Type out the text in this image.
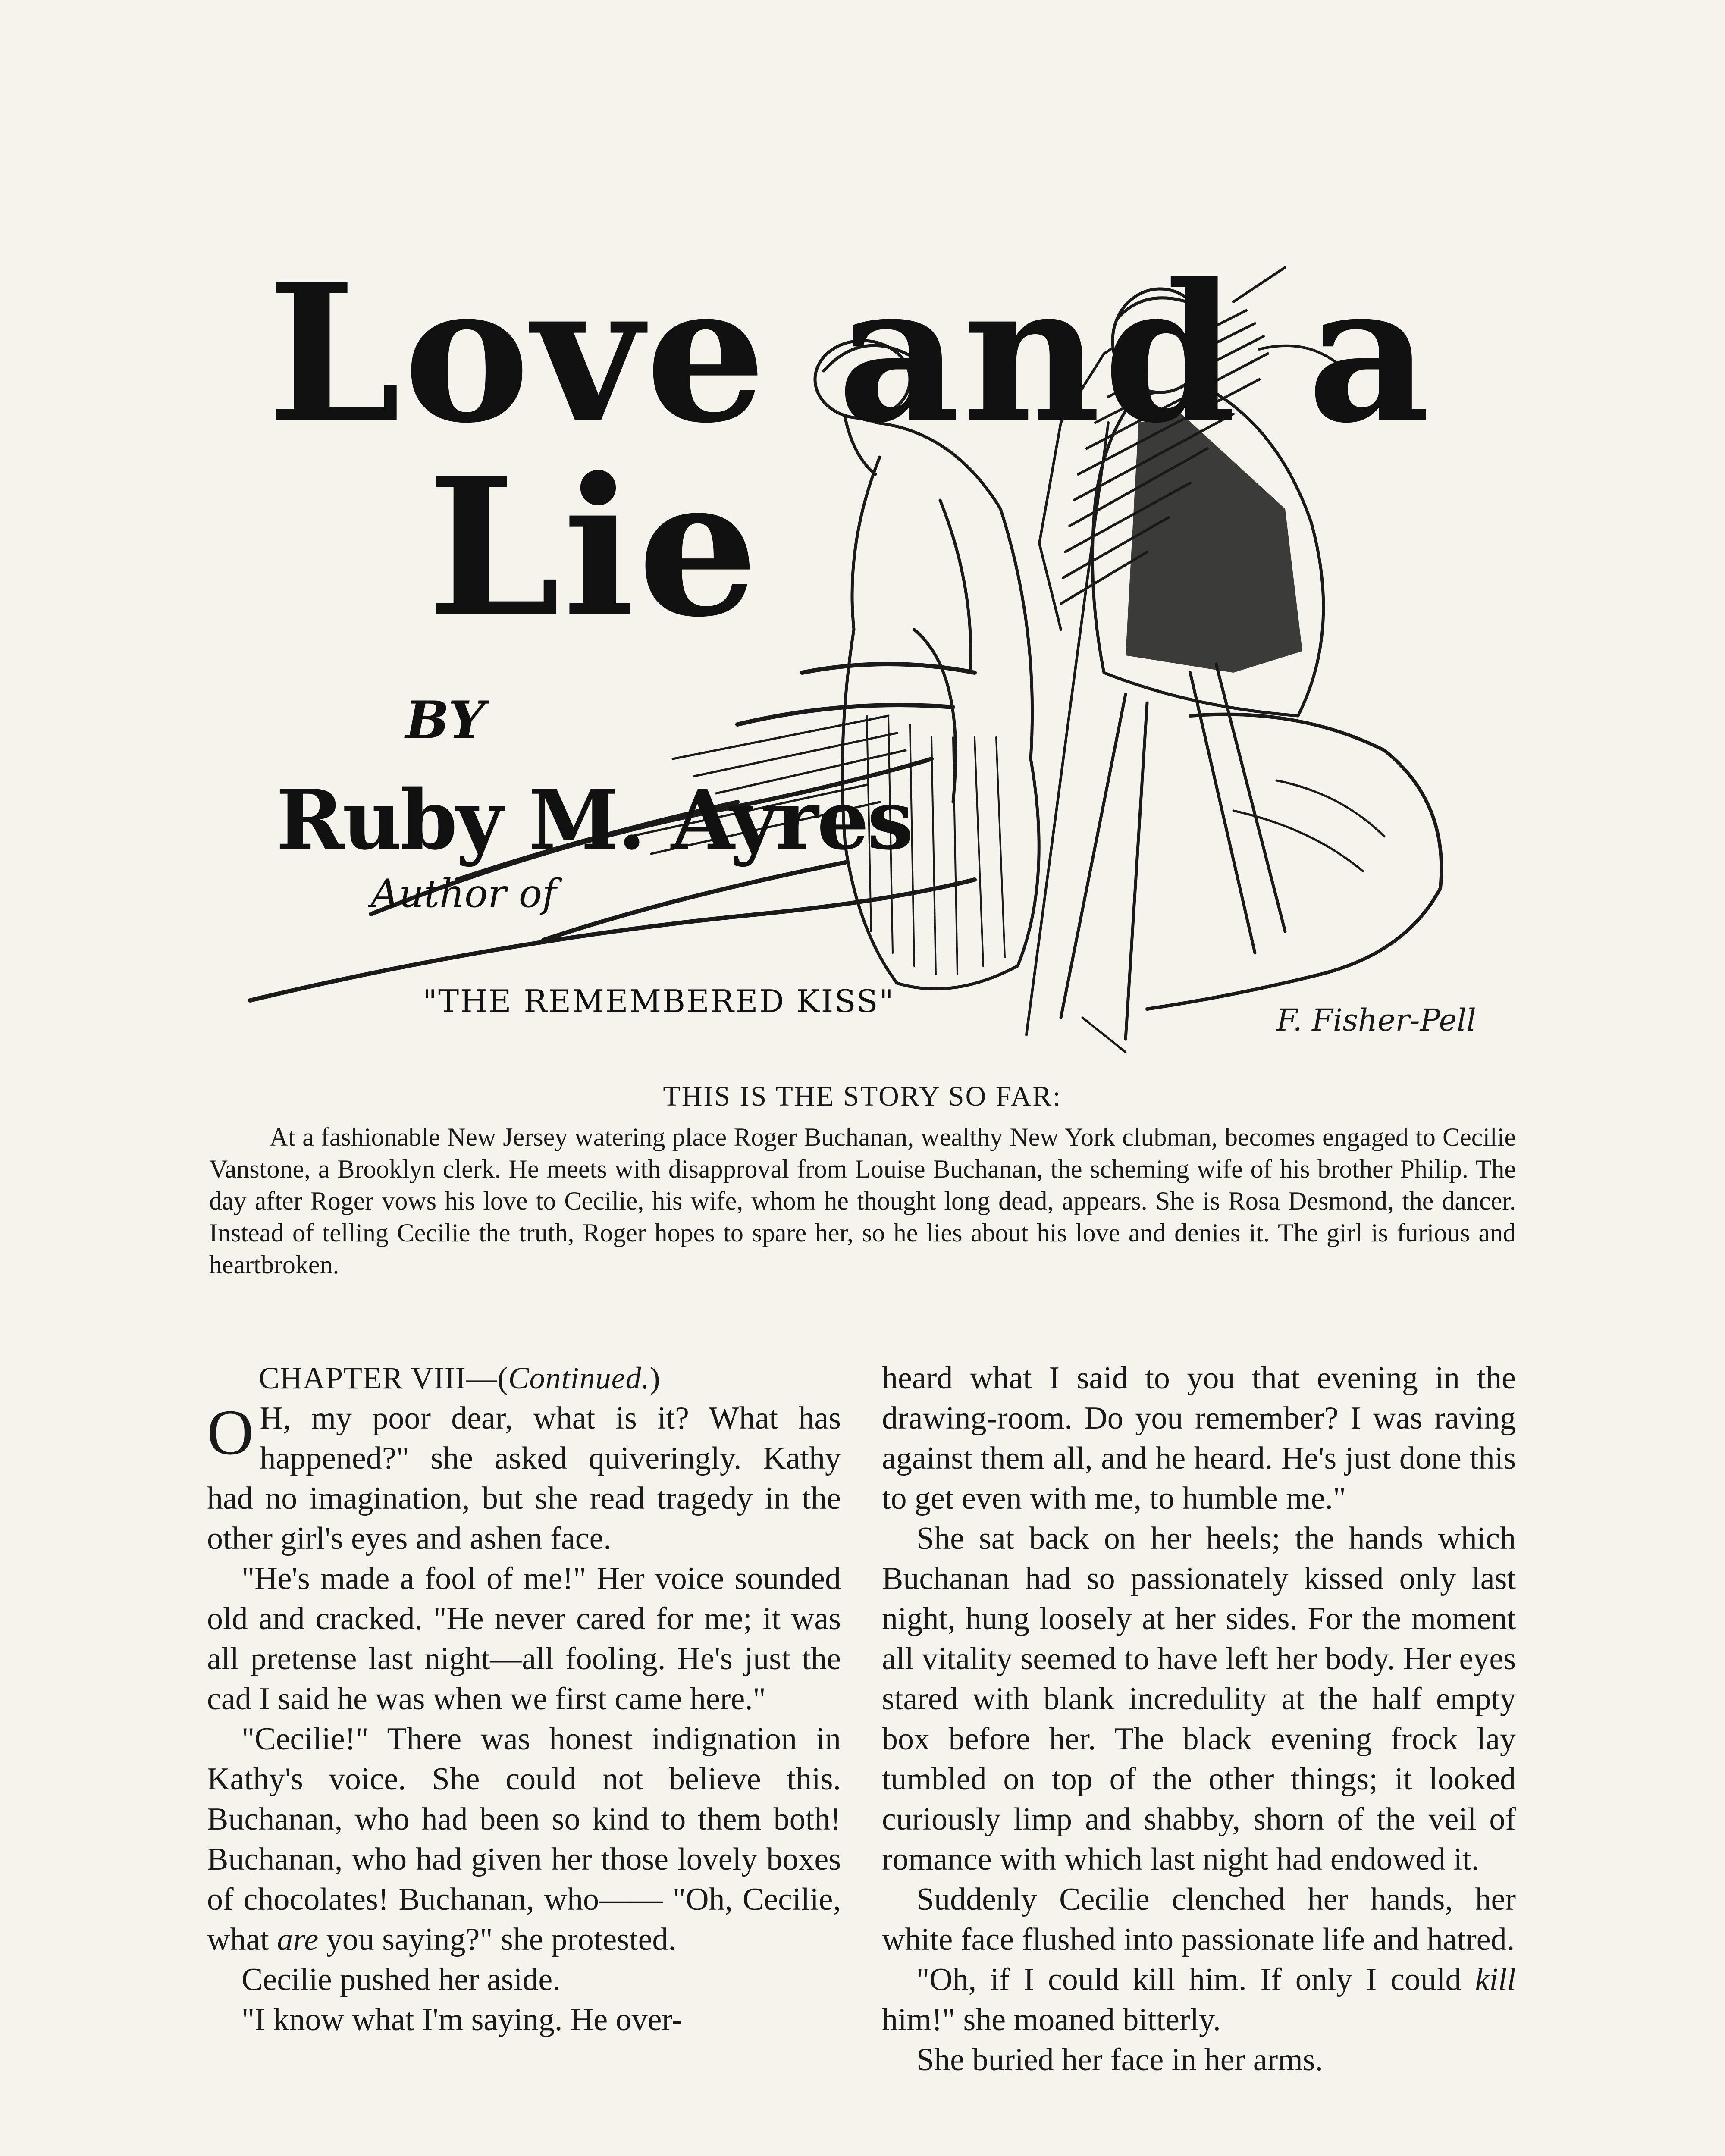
F. Fisher-Pell
Love and a
Lie
BY
Ruby M. Ayres
Author of
"THE REMEMBERED KISS"
THIS IS THE STORY SO FAR:
At a fashionable New Jersey watering place Roger Buchanan, wealthy New York clubman, becomes engaged to Cecilie Vanstone, a Brooklyn clerk. He meets with disapproval from Louise Buchanan, the scheming wife of his brother Philip. The day after Roger vows his love to Cecilie, his wife, whom he thought long dead, appears. She is Rosa Desmond, the dancer. Instead of telling Cecilie the truth, Roger hopes to spare her, so he lies about his love and denies it. The girl is furious and heartbroken.

CHAPTER VIII—(Continued.)

O H, my poor dear, what is it? What has happened?" she asked quiveringly. Kathy had no imagination, but she read tragedy in the other girl's eyes and ashen face.

"He's made a fool of me!" Her voice sounded old and cracked. "He never cared for me; it was all pretense last night—all fooling. He's just the cad I said he was when we first came here."

"Cecilie!" There was honest indignation in Kathy's voice. She could not believe this. Buchanan, who had been so kind to them both! Buchanan, who had given her those lovely boxes of chocolates! Buchanan, who—— "Oh, Cecilie, what are you saying?" she protested.

Cecilie pushed her aside.

"I know what I'm saying. He over-

heard what I said to you that evening in the drawing-room. Do you remember? I was raving against them all, and he heard. He's just done this to get even with me, to humble me."

She sat back on her heels; the hands which Buchanan had so passionately kissed only last night, hung loosely at her sides. For the moment all vitality seemed to have left her body. Her eyes stared with blank incredulity at the half empty box before her. The black evening frock lay tumbled on top of the other things; it looked curiously limp and shabby, shorn of the veil of romance with which last night had endowed it.

Suddenly Cecilie clenched her hands, her white face flushed into passionate life and hatred.

"Oh, if I could kill him. If only I could kill him!" she moaned bitterly.

She buried her face in her arms.
